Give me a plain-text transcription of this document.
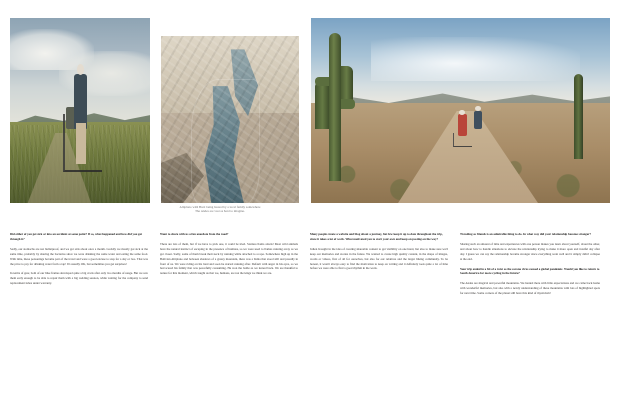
Altiplano with Brett being hosted by a local family somewhere
The Andes are vast as hard to imagine.

Did either of you get sick or into an accident at some point? If so, what happened and how did you get through it?

Sadly, our stomachs are not bulletproof, and we got sick about once a month. Luckily we mostly got sick at the same time, probably by sharing the bacterias since we were drinking the same water and eating the same food. With time, these poisonings became part of the travel and were a good excuse to stop for a day or two. That was the price to pay for drinking water from a tap! It's usually OK, but sometimes you get surprises!

In terms of gear, both of our bike frames developed quite a big crack after only two months of usage. But we saw them early enough to be able to repair them with a big welding session, while waiting for the company to send replacement tubes under warranty.

Want to share with us a fun anecdote from the road?

There are lots of them, but if we have to pick one, it could be tried. Starless llama attack! Most wild animals have the natural instinct of escaping in the presence of humans, so we were used to llamas running away as we got closer. Sadly, some of them break their neck by running while attached to a rope. Somewhere high up in the Bolivian Altiplano and between shadows of a grassy mountain, there was a llama that stood still and proudly in front of us. We were riding on his land and soon he started running after. Default with anger in his eyes, so we had scared his family that was peacefully consuming. He won the battle as we turned back. We are thankful to nature for this moment, which taught us that we, humans, are not the kings we think we are.

Many people create a website and blog about a journey, but few keep it up to date throughout the trip, since it takes a lot of work. What motivated you to start your own and keep on posting on the way?

Julien brought in the idea of creating shareable content to get visibility on one hand, but also to make sure we'd keep our memories and stories in the future. We wanted to create high quality content, in the shape of images, words or videos, first of all for ourselves, but also for our relatives and the larger biking community. To be honest, it wasn't always easy to find the motivation to keep on writing and it definitely took quite a lot of time before we were able to find a good rhythm in the work.

Traveling as friends is an admirable thing to do. In what way did your relationship become stronger?

Sharing such an amount of time and experiences with one person makes you learn about yourself, about the other, and about how to handle situations to elevate the relationship trying to make it more open and trustful day after day. I guess we can say the relationship became stronger since everything went well and it simply didn't collapse at the end.

Your trip ended in a bit of a twist as the corona virus caused a global pandemic. Would you like to return to South America for more cycling in the future?

The Andes are magical and powerful mountains. We landed there with little expectations and we came back home with wonderful memories, but also with a newly understanding of these mountains with lots of highlighted spots for next time. Some corners of the planet still have this kind of mysticism!
